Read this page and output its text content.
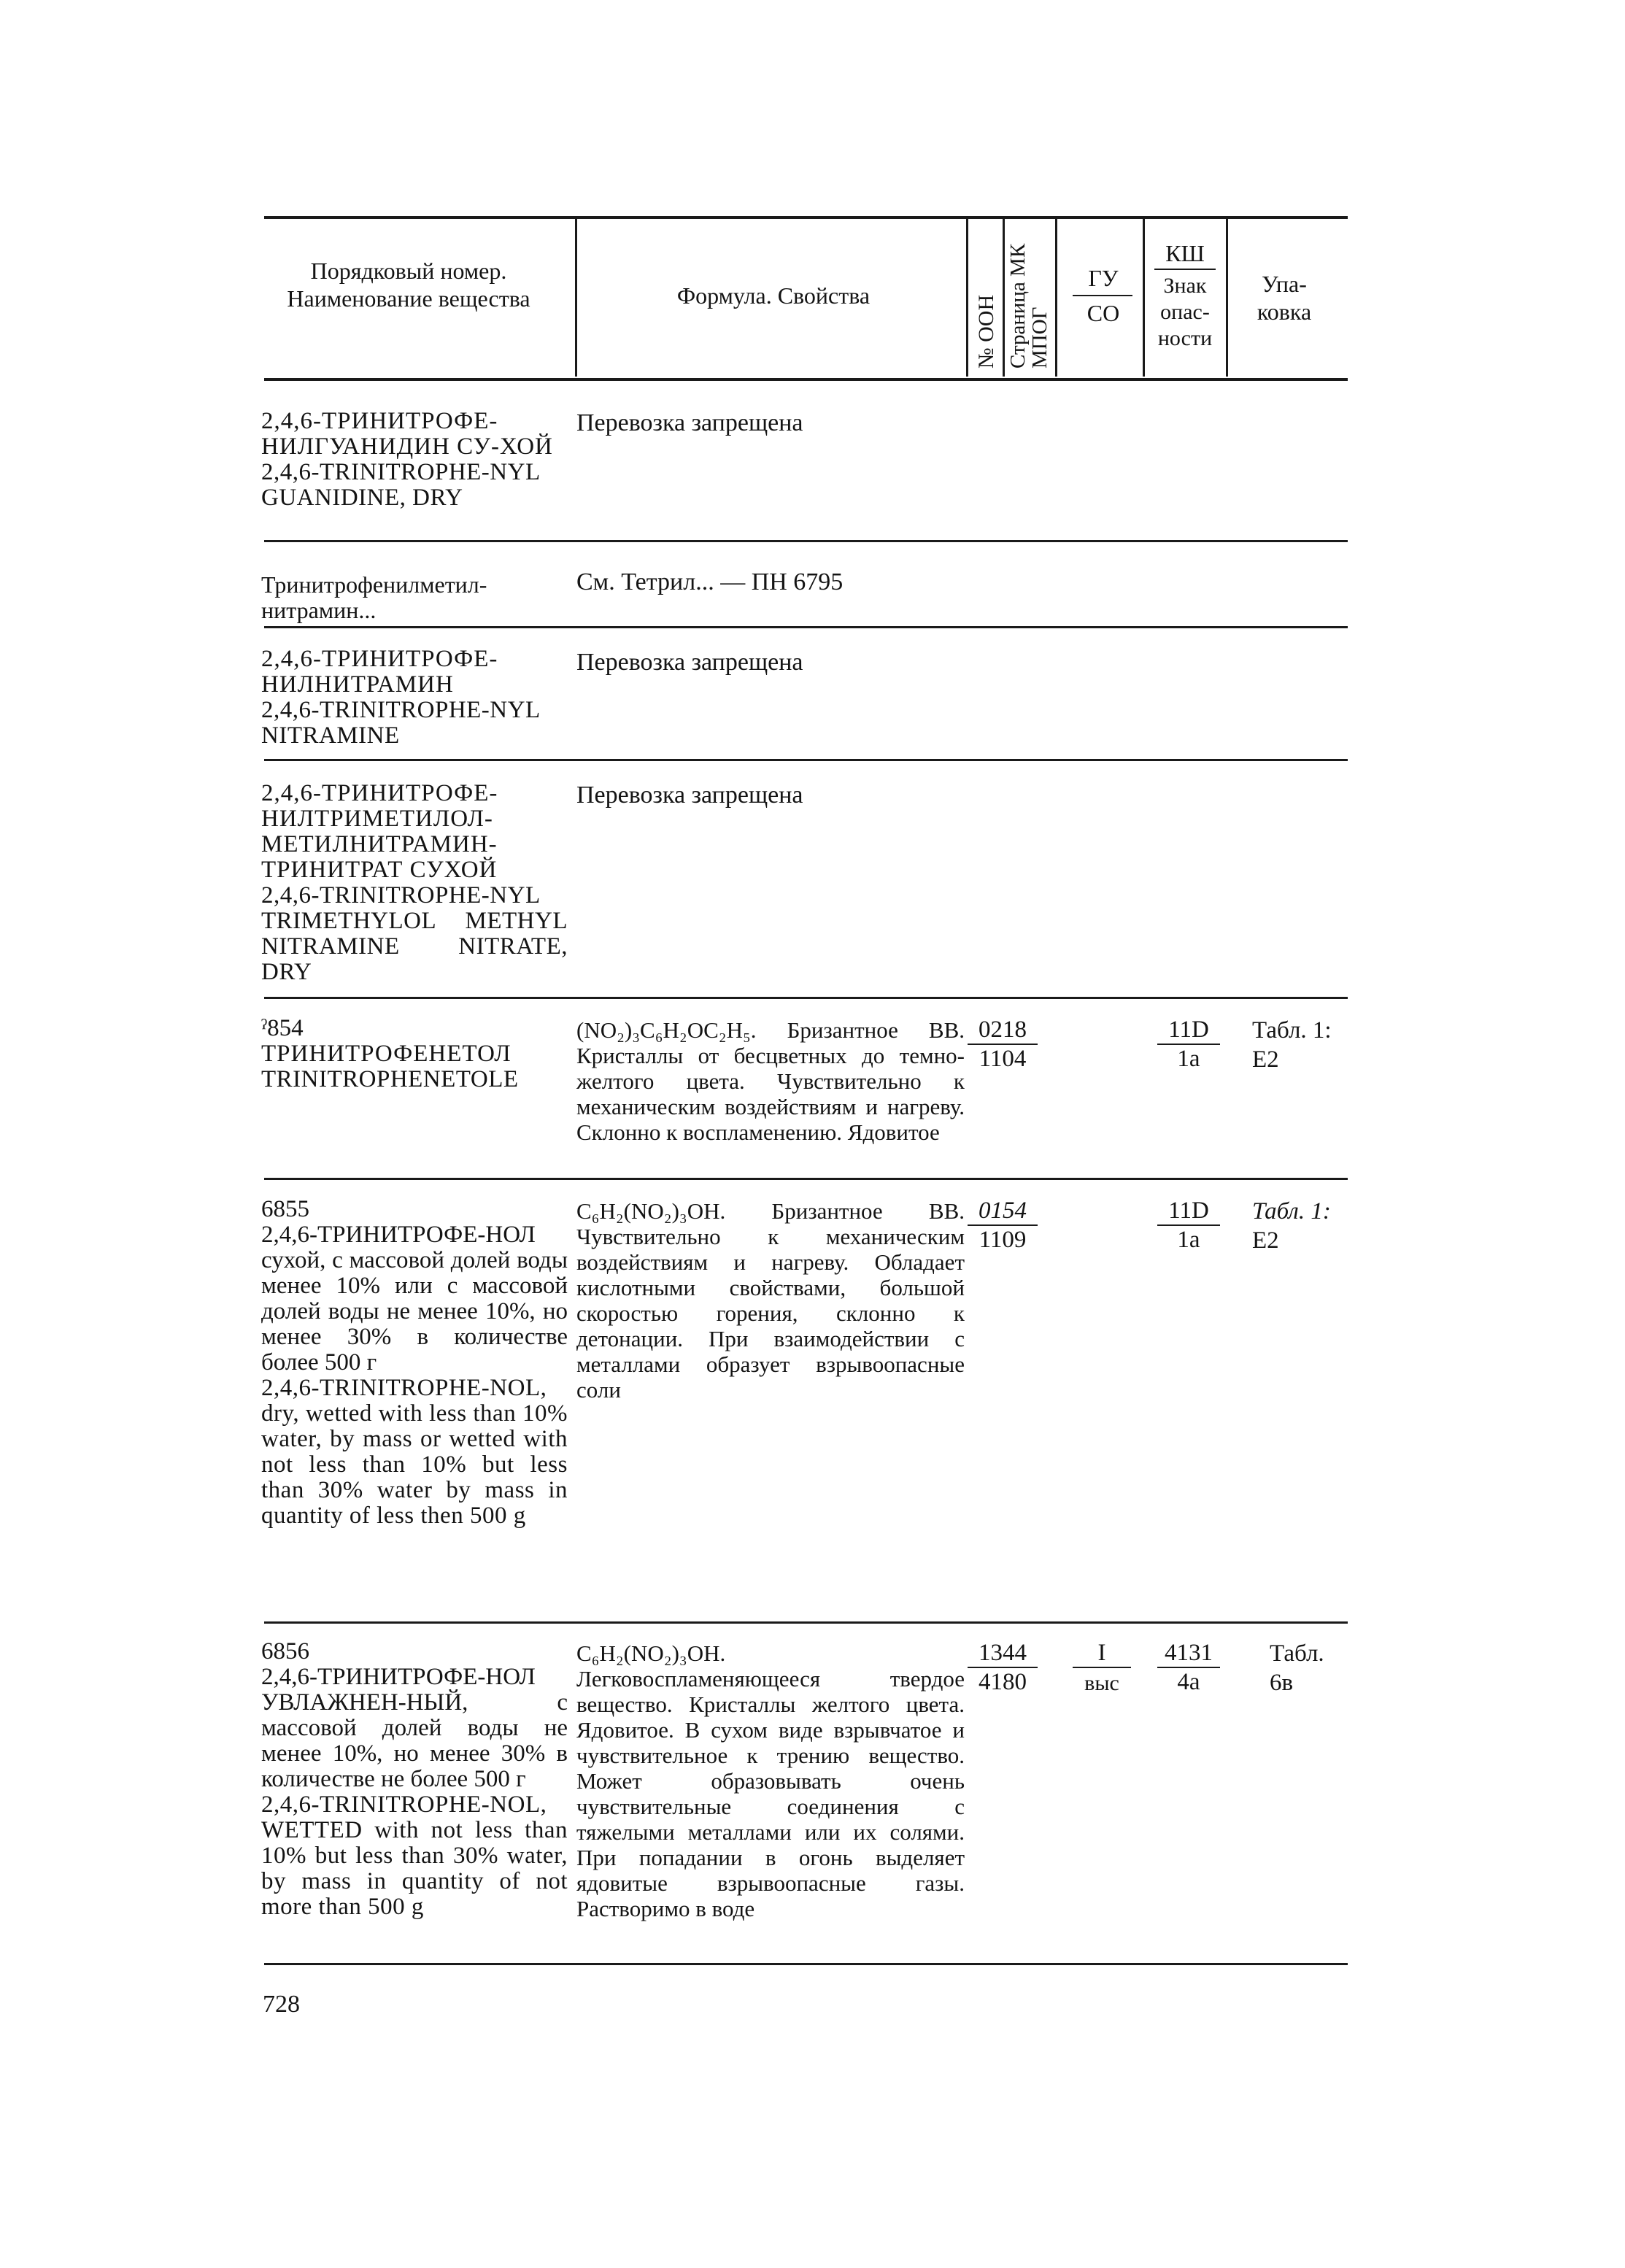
Порядковый номер. Наименование вещества	Формула. Свойства	№ ООН Страница МК МПОГ
ГУ
СО
КШ
Знак опас-ности
Упа-ковка
2,4,6-ТРИНИТРОФЕ-НИЛГУАНИДИН СУ-ХОЙ
2,4,6-TRINITROPHE-NYL GUANIDINE, DRY
Перевозка запрещена
Тринитрофенилметил-нитрамин...
См. Тетрил... — ПН 6795
2,4,6-ТРИНИТРОФЕ-НИЛНИТРАМИН
2,4,6-TRINITROPHE-NYL NITRAMINE
Перевозка запрещена
2,4,6-ТРИНИТРОФЕ-НИЛТРИМЕТИЛОЛ-МЕТИЛНИТРАМИН-ТРИНИТРАТ СУХОЙ
2,4,6-TRINITROPHE-NYL TRIMETHYLOL METHYL NITRAMINE NITRATE, DRY
Перевозка запрещена
ˀ854
ТРИНИТРОФЕНЕТОЛ
TRINITROPHENETOLE
(NO₂)₃C₆H₂OC₂H₅. Бризантное ВВ. Кристаллы от бесцветных до темно-желтого цвета. Чувствительно к механическим воздействиям и нагреву. Склонно к воспламенению. Ядовитое
0218
1104
11D
1a
Табл. 1:
E2
6855
2,4,6-ТРИНИТРОФЕ-НОЛ сухой, с массовой долей воды менее 10% или с массовой долей воды не менее 10%, но менее 30% в количестве более 500 г
2,4,6-TRINITROPHE-NOL, dry, wetted with less than 10% water, by mass or wetted with not less than 10% but less than 30% water by mass in quantity of less then 500 g
C₆H₂(NO₂)₃OH. Бризантное ВВ. Чувствительно к механическим воздействиям и нагреву. Обладает кислотными свойствами, большой скоростью горения, склонно к детонации. При взаимодействии с металлами образует взрывоопасные соли
0154
1109
11D
1a
Табл. 1:
E2
6856
2,4,6-ТРИНИТРОФЕ-НОЛ УВЛАЖНЕН-НЫЙ, с массовой долей воды не менее 10%, но менее 30% в количестве не более 500 г
2,4,6-TRINITROPHE-NOL, WETTED with not less than 10% but less than 30% water, by mass in quantity of not more than 500 g
C₆H₂(NO₂)₃OH. Легковоспламеняющееся твердое вещество. Кристаллы желтого цвета. Ядовитое. В сухом виде взрывчатое и чувствительное к трению вещество. Может образовывать очень чувствительные соединения с тяжелыми металлами или их солями. При попадании в огонь выделяет ядовитые взрывоопасные газы. Растворимо в воде
1344
4180
I
выс
4131
4a
Табл.
6в
728
